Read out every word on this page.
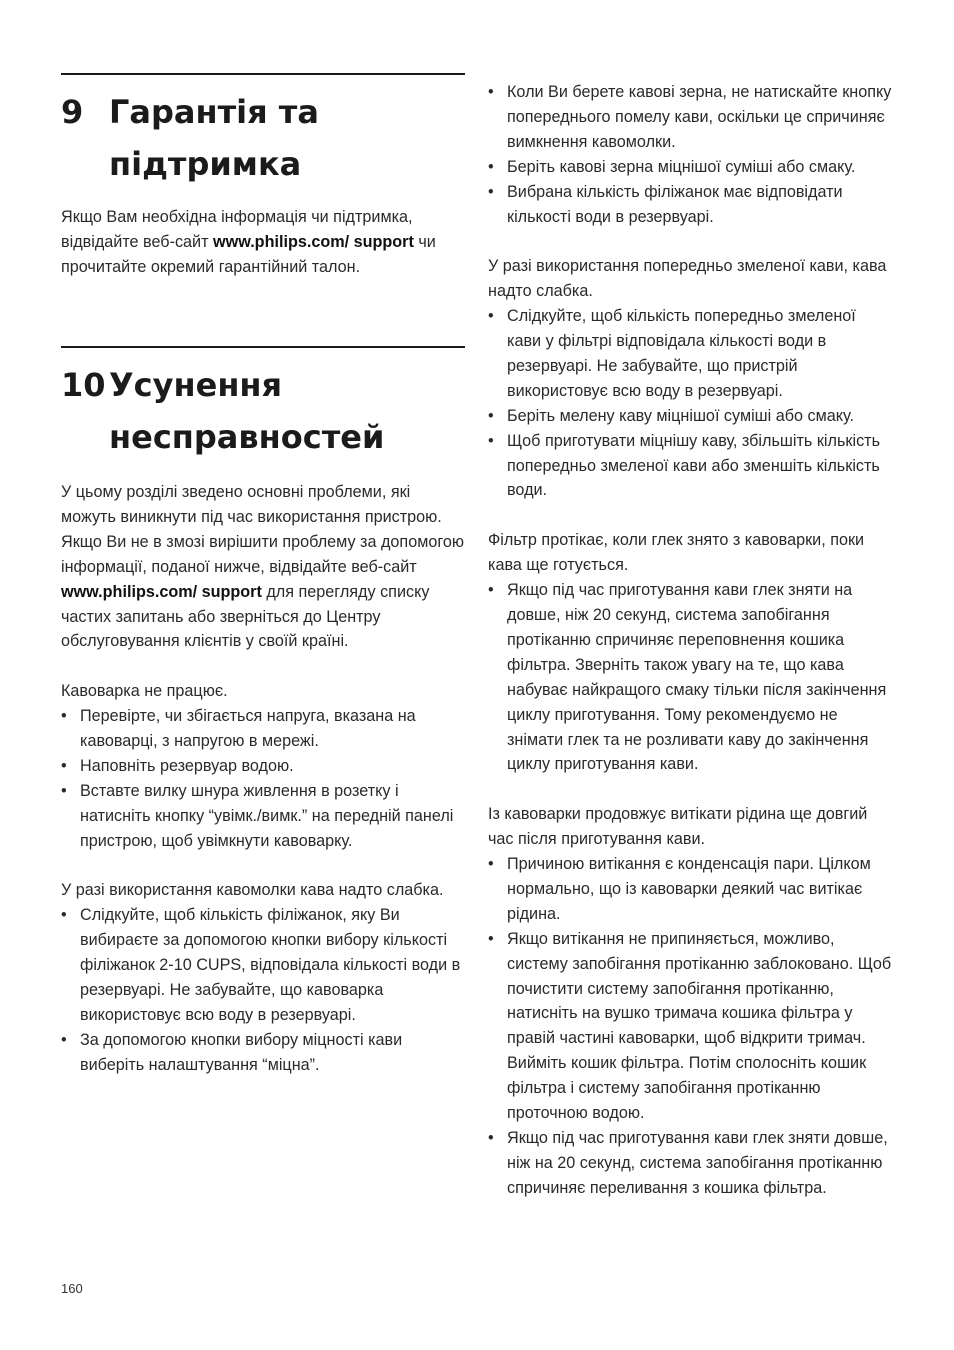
9 Гарантія та
підтримка

Якщо Вам необхідна інформація чи підтримка, відвідайте веб-сайт www.philips.com/ support чи прочитайте окремий гарантійний талон.

10 Усунення
несправностей

У цьому розділі зведено основні проблеми, які можуть виникнути під час використання пристрою. Якщо Ви не в змозі вирішити проблему за допомогою інформації, поданої нижче, відвідайте веб-сайт www.philips.com/ support для перегляду списку частих запитань або зверніться до Центру обслуговування клієнтів у своїй країні.

Кавоварка не працює.

• Перевірте, чи збігається напруга, вказана на кавоварці, з напругою в мережі.
• Наповніть резервуар водою.
• Вставте вилку шнура живлення в розетку і натисніть кнопку “увімк./вимк.” на передній панелі пристрою, щоб увімкнути кавоварку.

У разі використання кавомолки кава надто слабка.

• Слідкуйте, щоб кількість філіжанок, яку Ви вибираєте за допомогою кнопки вибору кількості філіжанок 2-10 CUPS, відповідала кількості води в резервуарі. Не забувайте, що кавоварка використовує всю воду в резервуарі.
• За допомогою кнопки вибору міцності кави виберіть налаштування “міцна”.
160
• Коли Ви берете кавові зерна, не натискайте кнопку попереднього помелу кави, оскільки це спричиняє вимкнення кавомолки.
• Беріть кавові зерна міцнішої суміші або смаку.
• Вибрана кількість філіжанок має відповідати кількості води в резервуарі.

У разі використання попередньо змеленої кави, кава надто слабка.

• Слідкуйте, щоб кількість попередньо змеленої кави у фільтрі відповідала кількості води в резервуарі. Не забувайте, що пристрій використовує всю воду в резервуарі.
• Беріть мелену каву міцнішої суміші або смаку.
• Щоб приготувати міцнішу каву, збільшіть кількість попередньо змеленої кави або зменшіть кількість води.

Фільтр протікає, коли глек знято з кавоварки, поки кава ще готується.

• Якщо під час приготування кави глек зняти на довше, ніж 20 секунд, система запобігання протіканню спричиняє переповнення кошика фільтра. Зверніть також увагу на те, що кава набуває найкращого смаку тільки після закінчення циклу приготування. Тому рекомендуємо не знімати глек та не розливати каву до закінчення циклу приготування кави.

Із кавоварки продовжує витікати рідина ще довгий час після приготування кави.

• Причиною витікання є конденсація пари. Цілком нормально, що із кавоварки деякий час витікає рідина.
• Якщо витікання не припиняється, можливо, систему запобігання протіканню заблоковано. Щоб почистити систему запобігання протіканню, натисніть на вушко тримача кошика фільтра у правій частині кавоварки, щоб відкрити тримач. Вийміть кошик фільтра. Потім сполосніть кошик фільтра і систему запобігання протіканню проточною водою.
• Якщо під час приготування кави глек зняти довше, ніж на 20 секунд, система запобігання протіканню спричиняє переливання з кошика фільтра.
